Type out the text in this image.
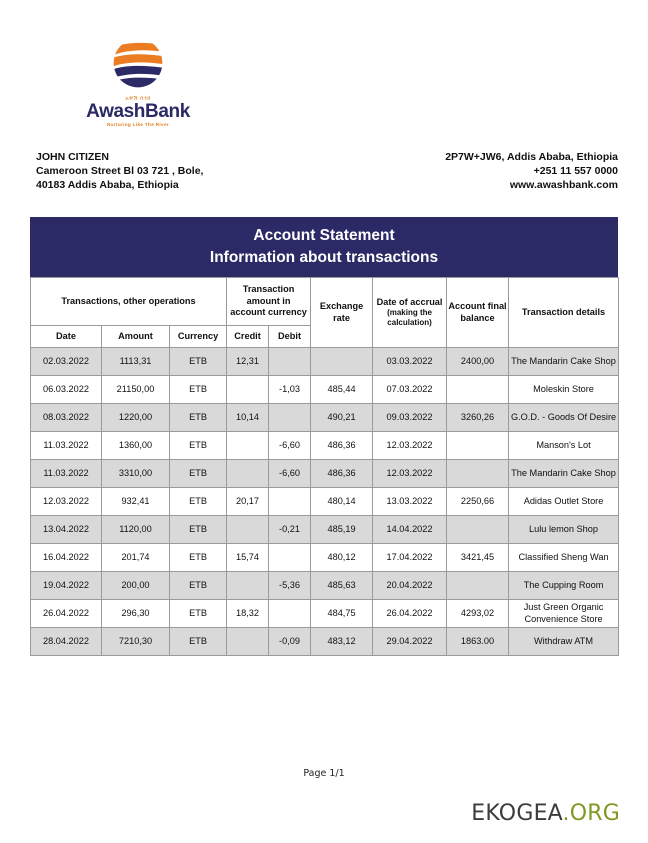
አዋሽ ባንክ
AwashBank
Nurturing Like The River
JOHN CITIZEN
Cameroon Street Bl 03 721 , Bole,
40183 Addis Ababa, Ethiopia
2P7W+JW6, Addis Ababa, Ethiopia
+251 11 557 0000
www.awashbank.com
Account Statement
Information about transactions
Transactions, other operations			Transaction amount in account currency		Exchange rate	Date of accrual
(making the calculation)	Account final balance	Transaction details
Date	Amount	Currency	Credit	Debit				
02.03.2022	1113,31	ETB	12,31			03.03.2022	2400,00	The Mandarin Cake Shop
06.03.2022	21150,00	ETB		-1,03	485,44	07.03.2022		Moleskin Store
08.03.2022	1220,00	ETB	10,14		490,21	09.03.2022	3260,26	G.O.D. - Goods Of Desire
11.03.2022	1360,00	ETB		-6,60	486,36	12.03.2022		Manson's Lot
11.03.2022	3310,00	ETB		-6,60	486,36	12.03.2022		The Mandarin Cake Shop
12.03.2022	932,41	ETB	20,17		480,14	13.03.2022	2250,66	Adidas Outlet Store
13.04.2022	1120,00	ETB		-0,21	485,19	14.04.2022		Lulu lemon Shop
16.04.2022	201,74	ETB	15,74		480,12	17.04.2022	3421,45	Classified Sheng Wan
19.04.2022	200,00	ETB		-5,36	485,63	20.04.2022		The Cupping Room
26.04.2022	296,30	ETB	18,32		484,75	26.04.2022	4293,02	Just Green Organic Convenience Store
28.04.2022	7210,30	ETB		-0,09	483,12	29.04.2022	1863.00	Withdraw ATM
Page 1/1
EKOGEA.ORG
